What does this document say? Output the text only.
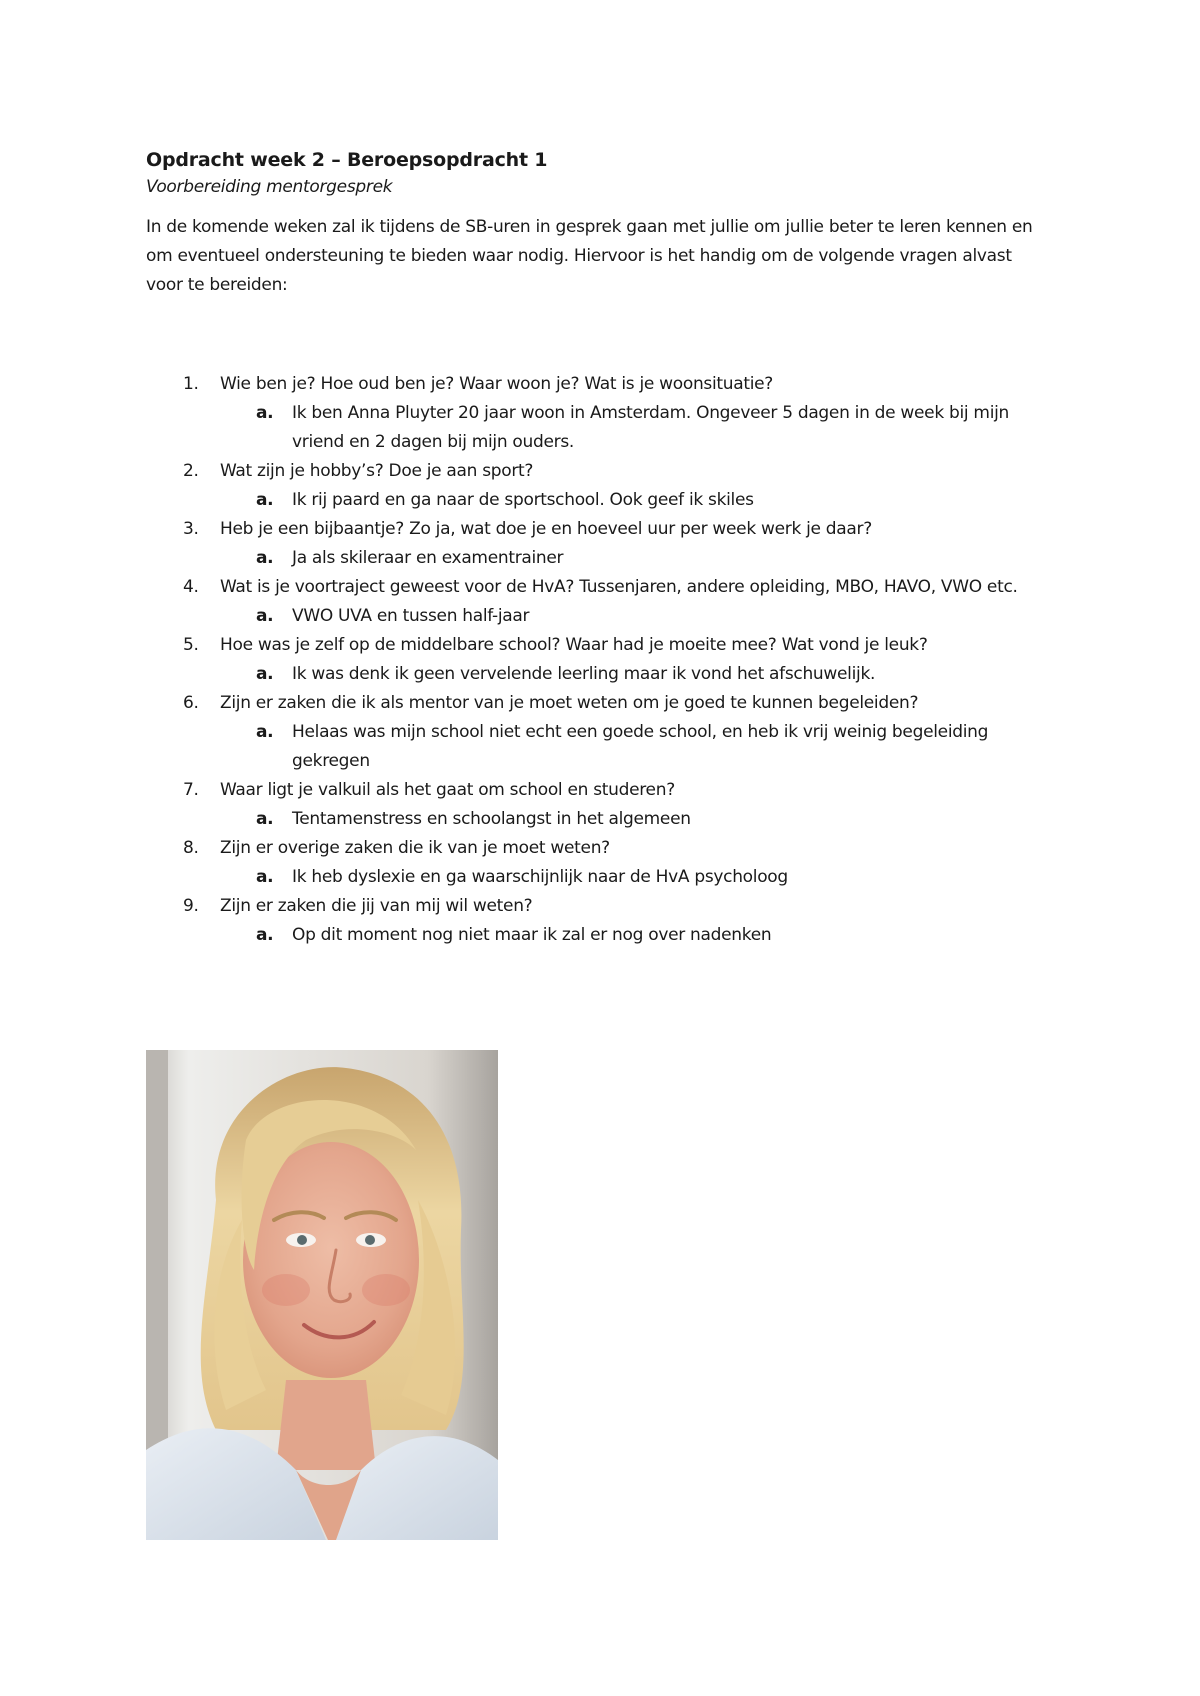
Opdracht week 2 – Beroepsopdracht 1

Voorbereiding mentorgesprek

In de komende weken zal ik tijdens de SB-uren in gesprek gaan met jullie om jullie beter te leren kennen en om eventueel ondersteuning te bieden waar nodig. Hiervoor is het handig om de volgende vragen alvast voor te bereiden:

1. Wie ben je? Hoe oud ben je? Waar woon je? Wat is je woonsituatie?
a. Ik ben Anna Pluyter 20 jaar woon in Amsterdam. Ongeveer 5 dagen in de week bij mijn vriend en 2 dagen bij mijn ouders.
2. Wat zijn je hobby’s? Doe je aan sport?
a. Ik rij paard en ga naar de sportschool. Ook geef ik skiles
3. Heb je een bijbaantje? Zo ja, wat doe je en hoeveel uur per week werk je daar?
a. Ja als skileraar en examentrainer
4. Wat is je voortraject geweest voor de HvA? Tussenjaren, andere opleiding, MBO, HAVO, VWO etc.
a. VWO UVA en tussen half-jaar
5. Hoe was je zelf op de middelbare school? Waar had je moeite mee? Wat vond je leuk?
a. Ik was denk ik geen vervelende leerling maar ik vond het afschuwelijk.
6. Zijn er zaken die ik als mentor van je moet weten om je goed te kunnen begeleiden?
a. Helaas was mijn school niet echt een goede school, en heb ik vrij weinig begeleiding gekregen
7. Waar ligt je valkuil als het gaat om school en studeren?
a. Tentamenstress en schoolangst in het algemeen
8. Zijn er overige zaken die ik van je moet weten?
a. Ik heb dyslexie en ga waarschijnlijk naar de HvA psycholoog
9. Zijn er zaken die jij van mij wil weten?
a. Op dit moment nog niet maar ik zal er nog over nadenken
